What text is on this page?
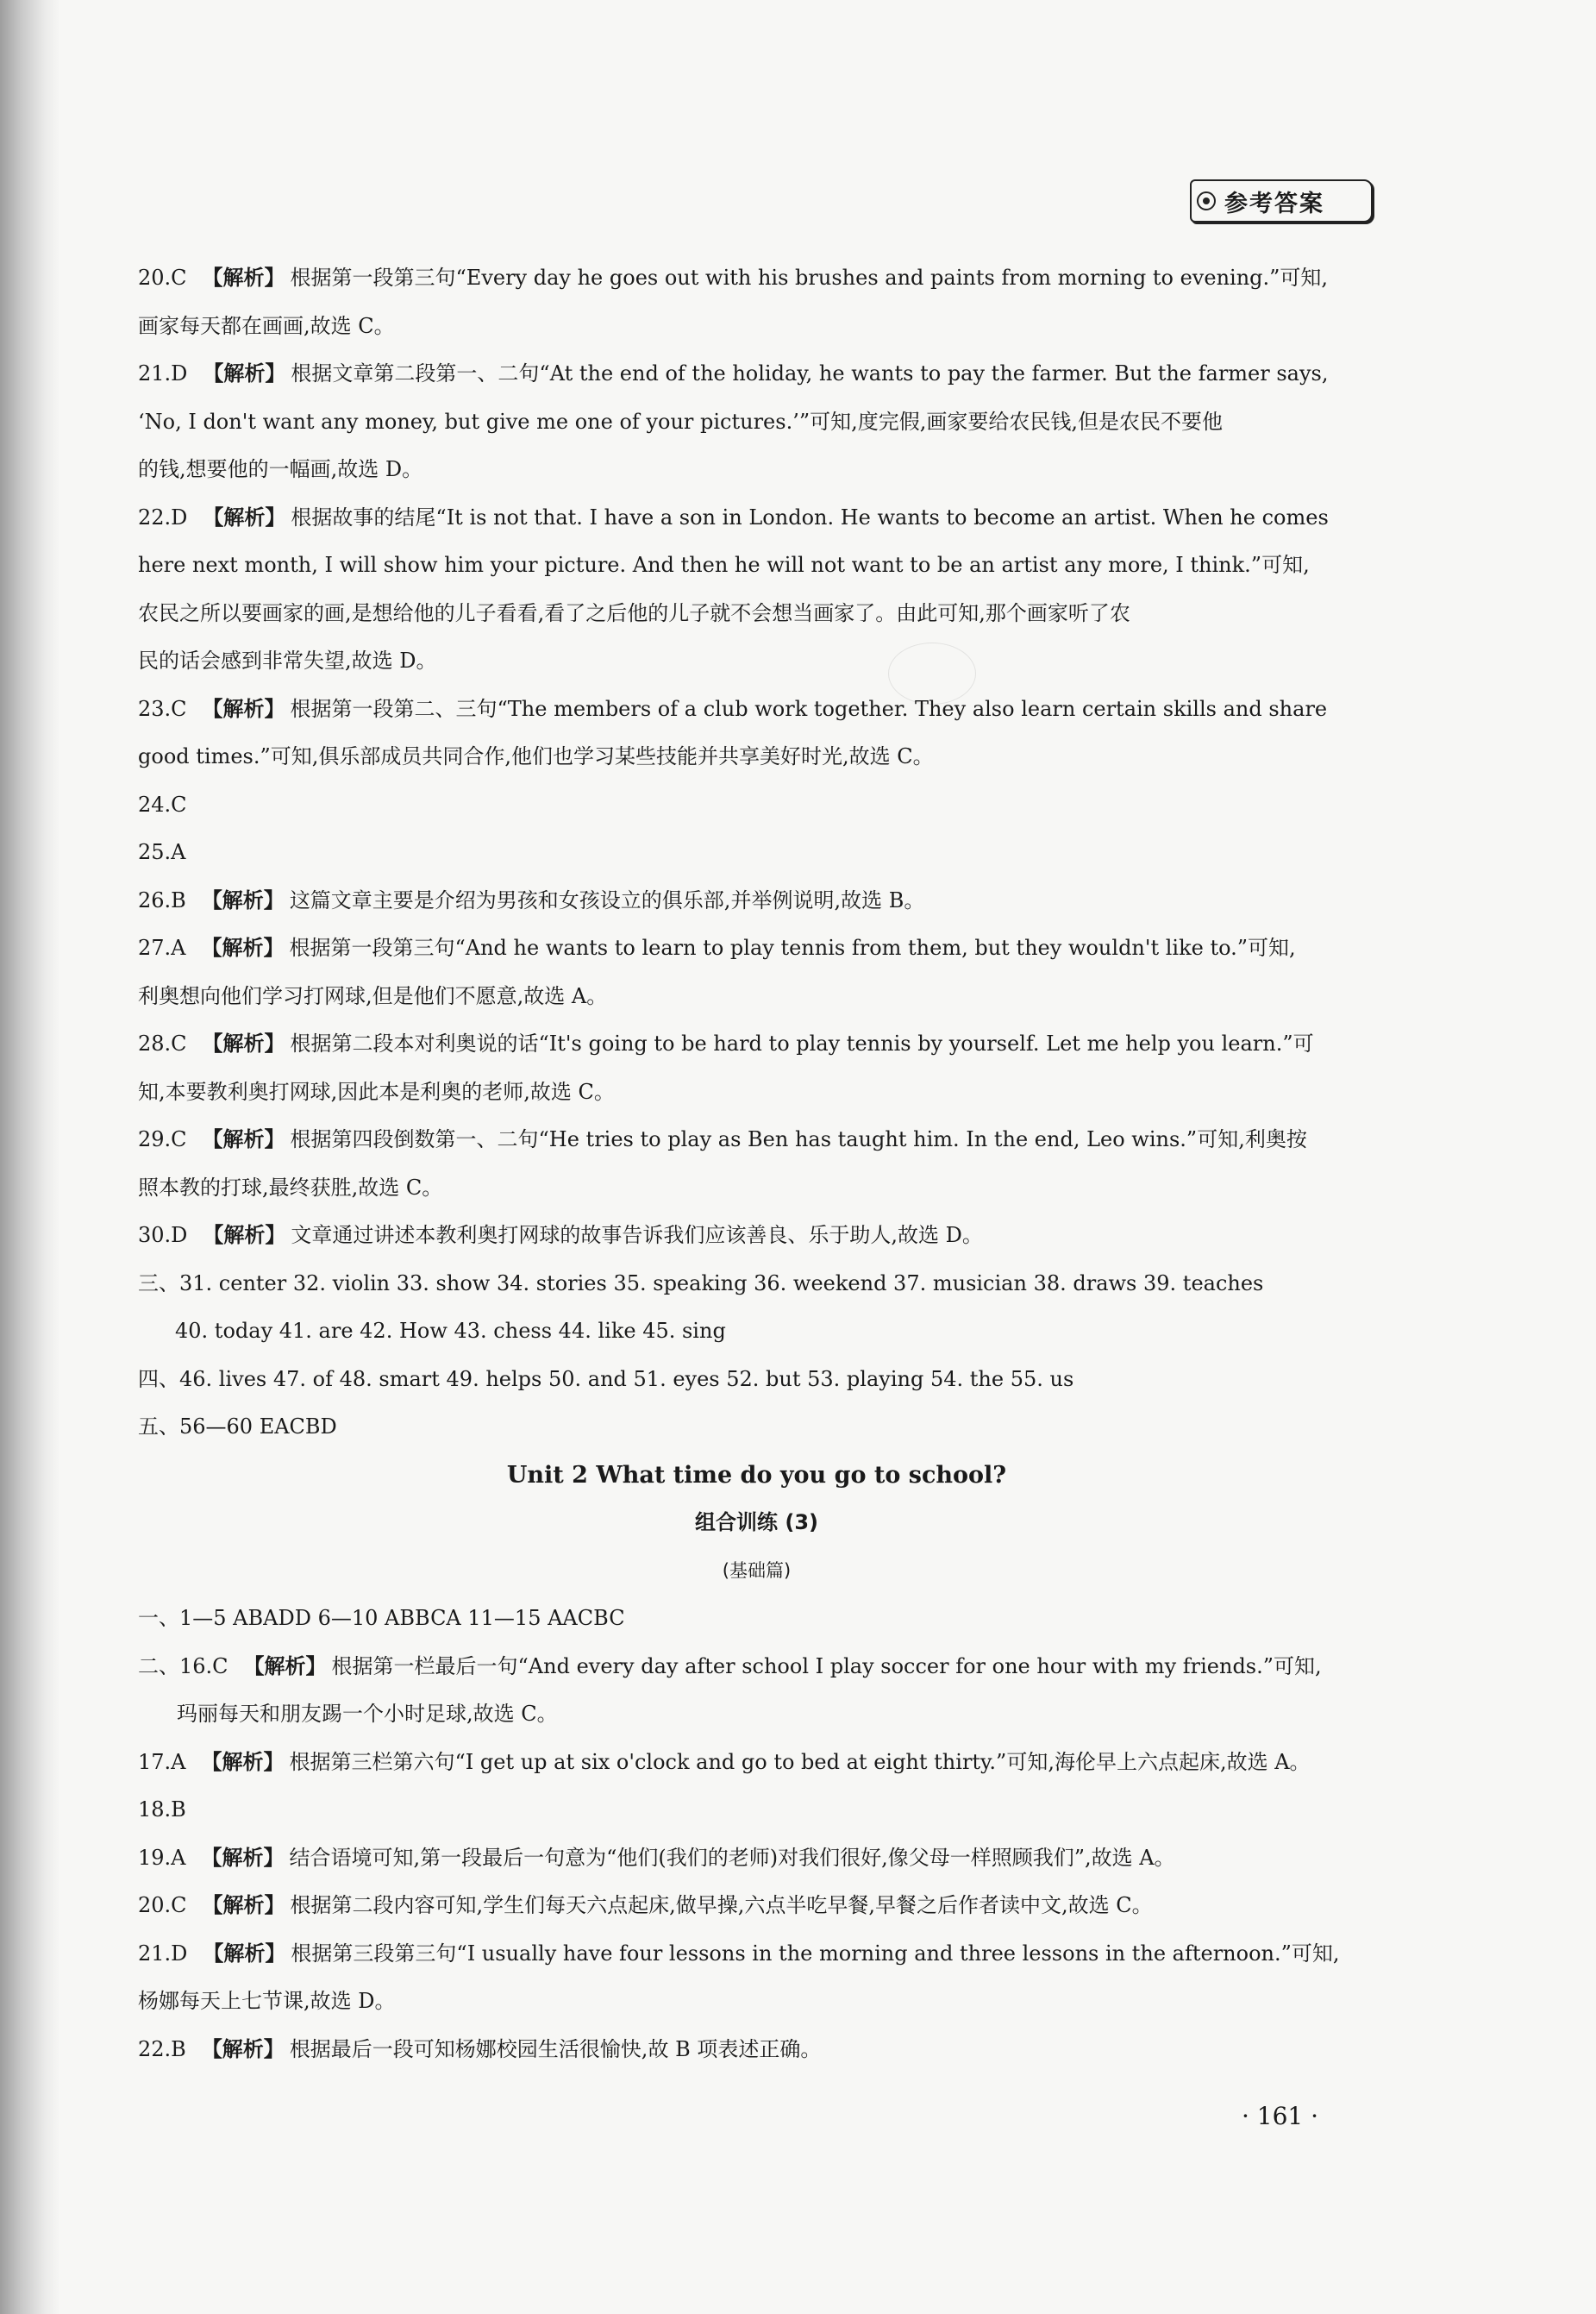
参考答案
20.C 【解析】 根据第一段第三句“Every day he goes out with his brushes and paints from morning to evening.”可知,
画家每天都在画画,故选 C。
21.D 【解析】 根据文章第二段第一、二句“At the end of the holiday, he wants to pay the farmer. But the farmer says,
‘No, I don't want any money, but give me one of your pictures.’”可知,度完假,画家要给农民钱,但是农民不要他
的钱,想要他的一幅画,故选 D。
22.D 【解析】 根据故事的结尾“It is not that. I have a son in London. He wants to become an artist. When he comes
here next month, I will show him your picture. And then he will not want to be an artist any more, I think.”可知,
农民之所以要画家的画,是想给他的儿子看看,看了之后他的儿子就不会想当画家了。由此可知,那个画家听了农
民的话会感到非常失望,故选 D。
23.C 【解析】 根据第一段第二、三句“The members of a club work together. They also learn certain skills and share
good times.”可知,俱乐部成员共同合作,他们也学习某些技能并共享美好时光,故选 C。
24.C
25.A
26.B 【解析】 这篇文章主要是介绍为男孩和女孩设立的俱乐部,并举例说明,故选 B。
27.A 【解析】 根据第一段第三句“And he wants to learn to play tennis from them, but they wouldn't like to.”可知,
利奥想向他们学习打网球,但是他们不愿意,故选 A。
28.C 【解析】 根据第二段本对利奥说的话“It's going to be hard to play tennis by yourself. Let me help you learn.”可
知,本要教利奥打网球,因此本是利奥的老师,故选 C。
29.C 【解析】 根据第四段倒数第一、二句“He tries to play as Ben has taught him. In the end, Leo wins.”可知,利奥按
照本教的打球,最终获胜,故选 C。
30.D 【解析】 文章通过讲述本教利奥打网球的故事告诉我们应该善良、乐于助人,故选 D。
三、31. center 32. violin 33. show 34. stories 35. speaking 36. weekend 37. musician 38. draws 39. teaches
40. today 41. are 42. How 43. chess 44. like 45. sing
四、46. lives 47. of 48. smart 49. helps 50. and 51. eyes 52. but 53. playing 54. the 55. us
五、56—60 EACBD
Unit 2 What time do you go to school?
组合训练 (3)
(基础篇)
一、1—5 ABADD 6—10 ABBCA 11—15 AACBC
二、16.C 【解析】 根据第一栏最后一句“And every day after school I play soccer for one hour with my friends.”可知,
玛丽每天和朋友踢一个小时足球,故选 C。
17.A 【解析】 根据第三栏第六句“I get up at six o'clock and go to bed at eight thirty.”可知,海伦早上六点起床,故选 A。
18.B
19.A 【解析】 结合语境可知,第一段最后一句意为“他们(我们的老师)对我们很好,像父母一样照顾我们”,故选 A。
20.C 【解析】 根据第二段内容可知,学生们每天六点起床,做早操,六点半吃早餐,早餐之后作者读中文,故选 C。
21.D 【解析】 根据第三段第三句“I usually have four lessons in the morning and three lessons in the afternoon.”可知,
杨娜每天上七节课,故选 D。
22.B 【解析】 根据最后一段可知杨娜校园生活很愉快,故 B 项表述正确。
· 161 ·
